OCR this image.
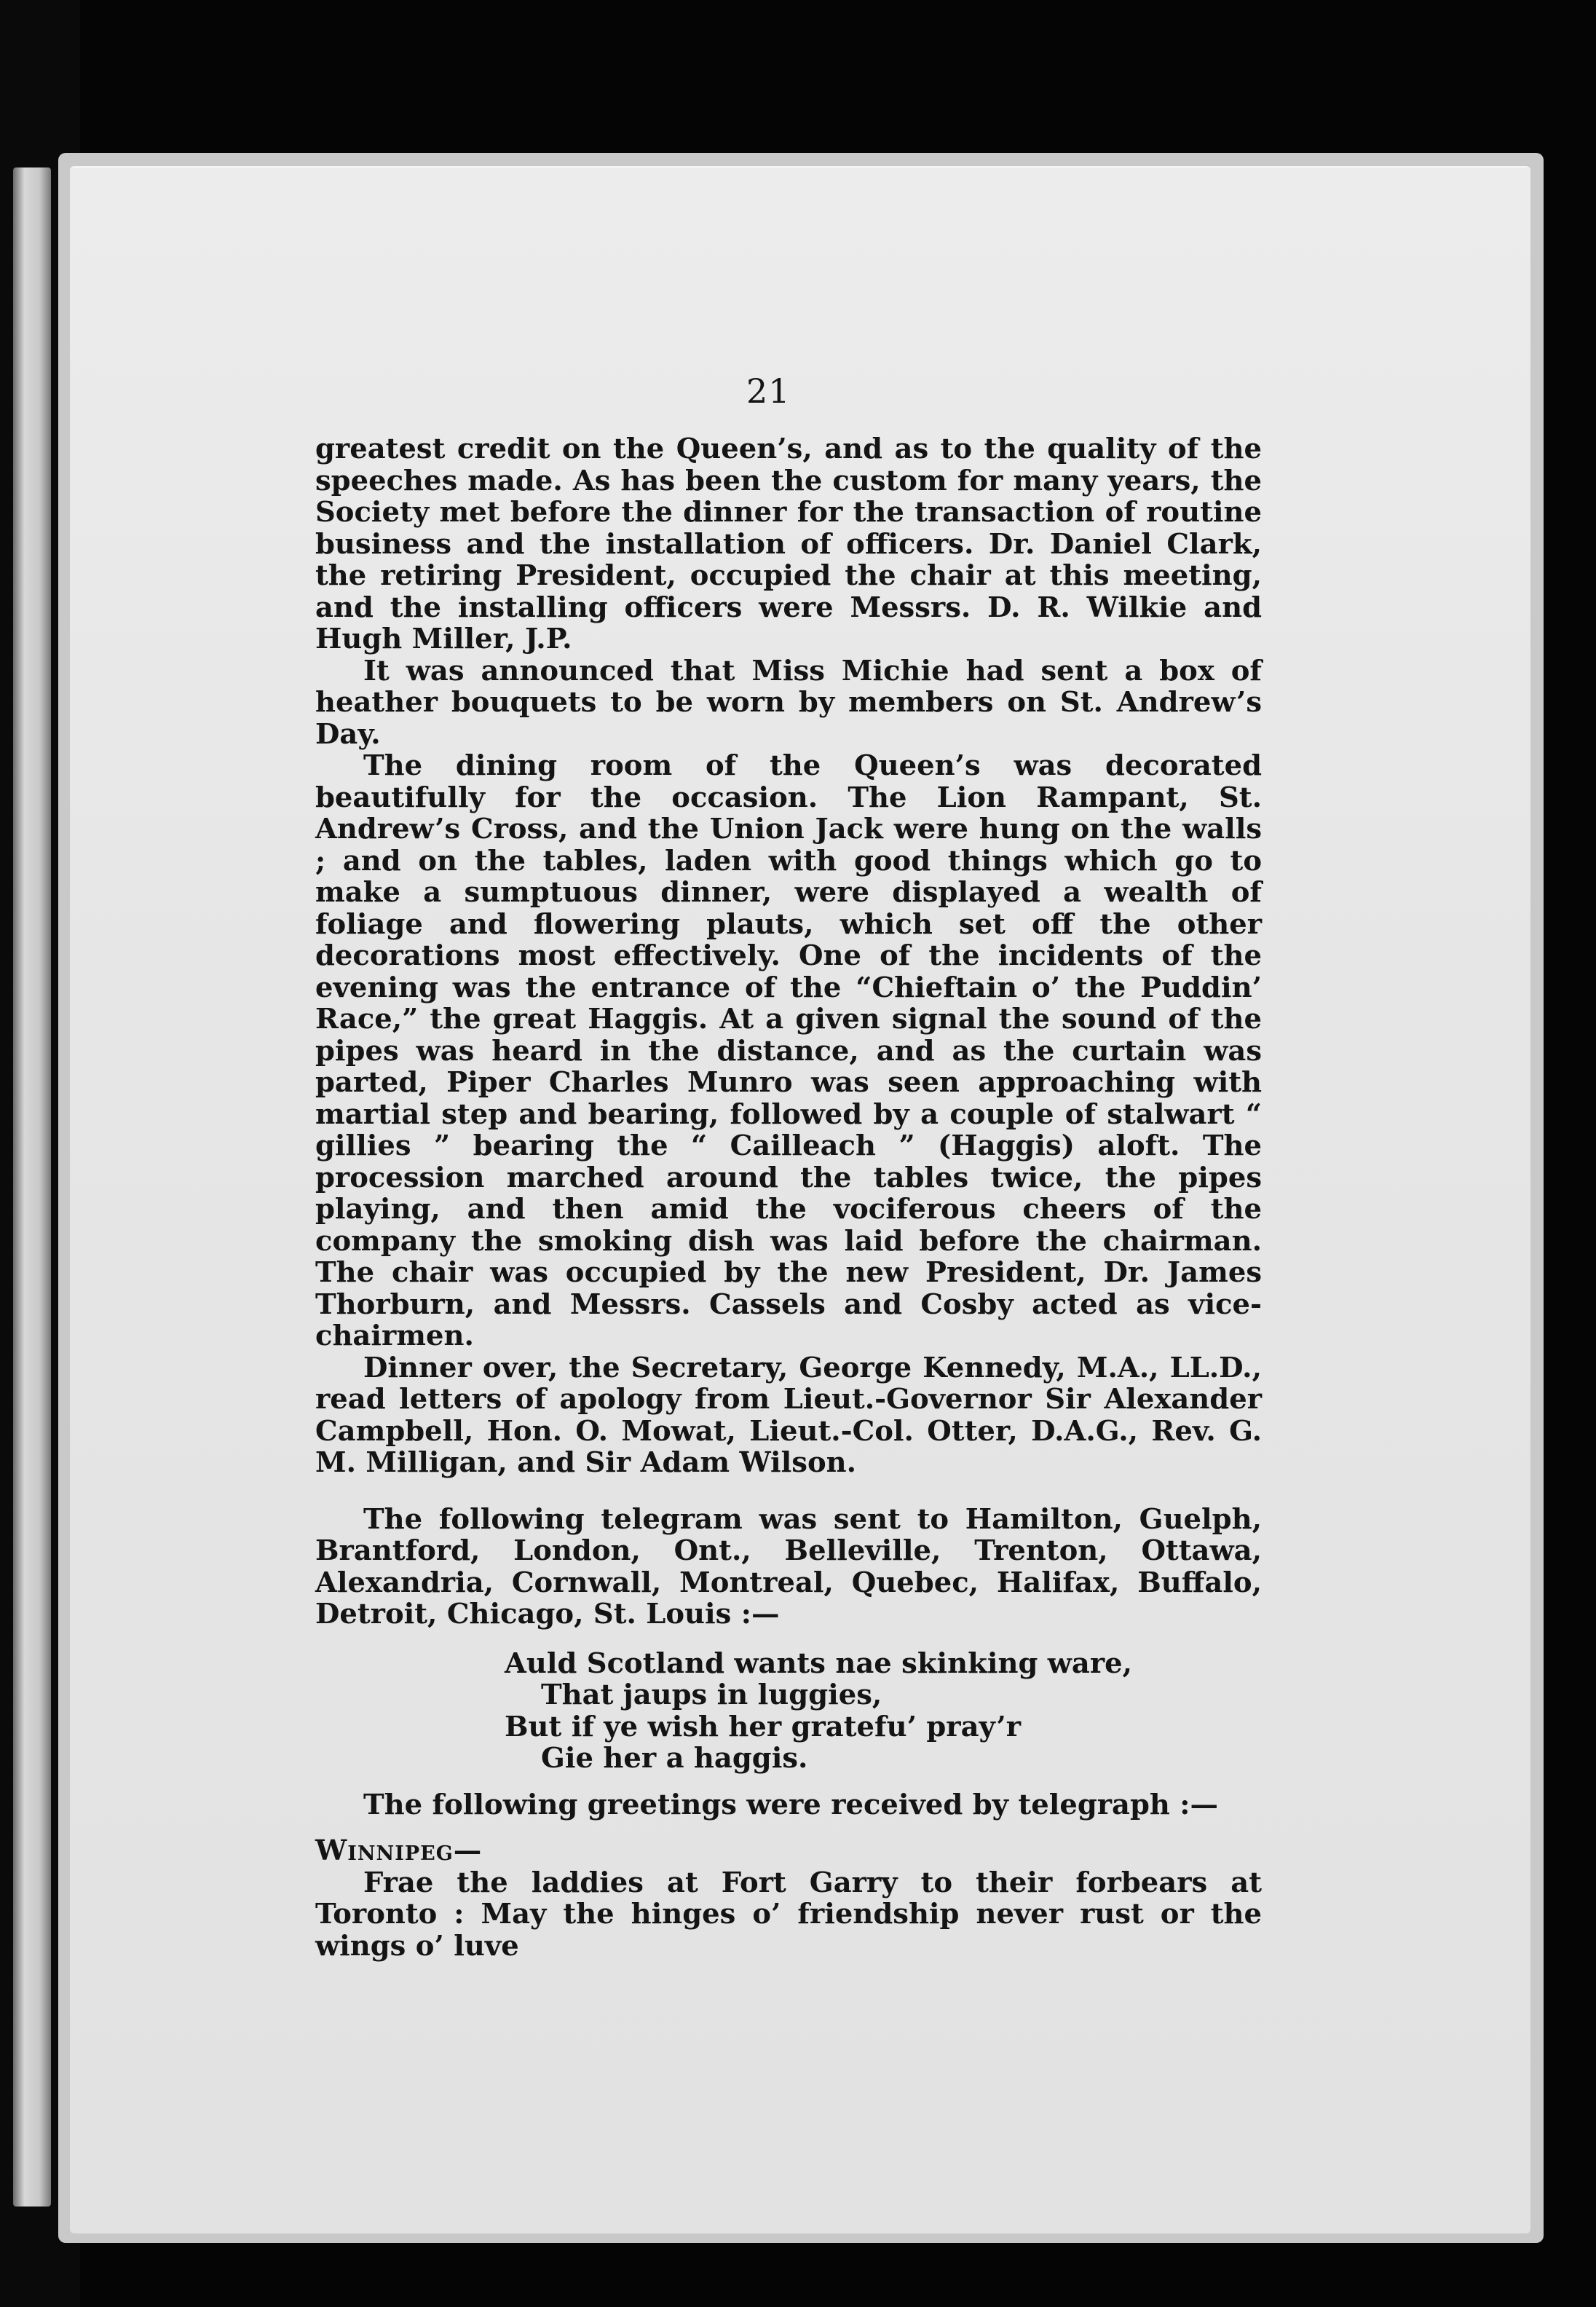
21

greatest credit on the Queen’s, and as to the quality of the speeches made. As has been the custom for many years, the Society met before the dinner for the transaction of routine business and the installation of officers. Dr. Daniel Clark, the retiring President, occupied the chair at this meeting, and the installing officers were Messrs. D. R. Wilkie and Hugh Miller, J.P.

It was announced that Miss Michie had sent a box of heather bouquets to be worn by members on St. Andrew’s Day.

The dining room of the Queen’s was decorated beautifully for the occasion. The Lion Rampant, St. Andrew’s Cross, and the Union Jack were hung on the walls ; and on the tables, laden with good things which go to make a sumptuous dinner, were displayed a wealth of foliage and flowering plauts, which set off the other decorations most effectively. One of the incidents of the evening was the entrance of the “Chieftain o’ the Puddin’ Race,” the great Haggis. At a given signal the sound of the pipes was heard in the distance, and as the curtain was parted, Piper Charles Munro was seen approaching with martial step and bearing, followed by a couple of stalwart “ gillies ” bearing the “ Cailleach ” (Haggis) aloft. The procession marched around the tables twice, the pipes playing, and then amid the vociferous cheers of the company the smoking dish was laid before the chairman. The chair was occupied by the new President, Dr. James Thorburn, and Messrs. Cassels and Cosby acted as vice-chairmen.

Dinner over, the Secretary, George Kennedy, M.A., LL.D., read letters of apology from Lieut.-Governor Sir Alexander Campbell, Hon. O. Mowat, Lieut.-Col. Otter, D.A.G., Rev. G. M. Milligan, and Sir Adam Wilson.

The following telegram was sent to Hamilton, Guelph, Brantford, London, Ont., Belleville, Trenton, Ottawa, Alexandria, Cornwall, Montreal, Quebec, Halifax, Buffalo, Detroit, Chicago, St. Louis :—

Auld Scotland wants nae skinking ware,
That jaups in luggies,
But if ye wish her gratefu’ pray’r
Gie her a haggis.

The following greetings were received by telegraph :—

Winnipeg—

Frae the laddies at Fort Garry to their forbears at Toronto : May the hinges o’ friendship never rust or the wings o’ luve
